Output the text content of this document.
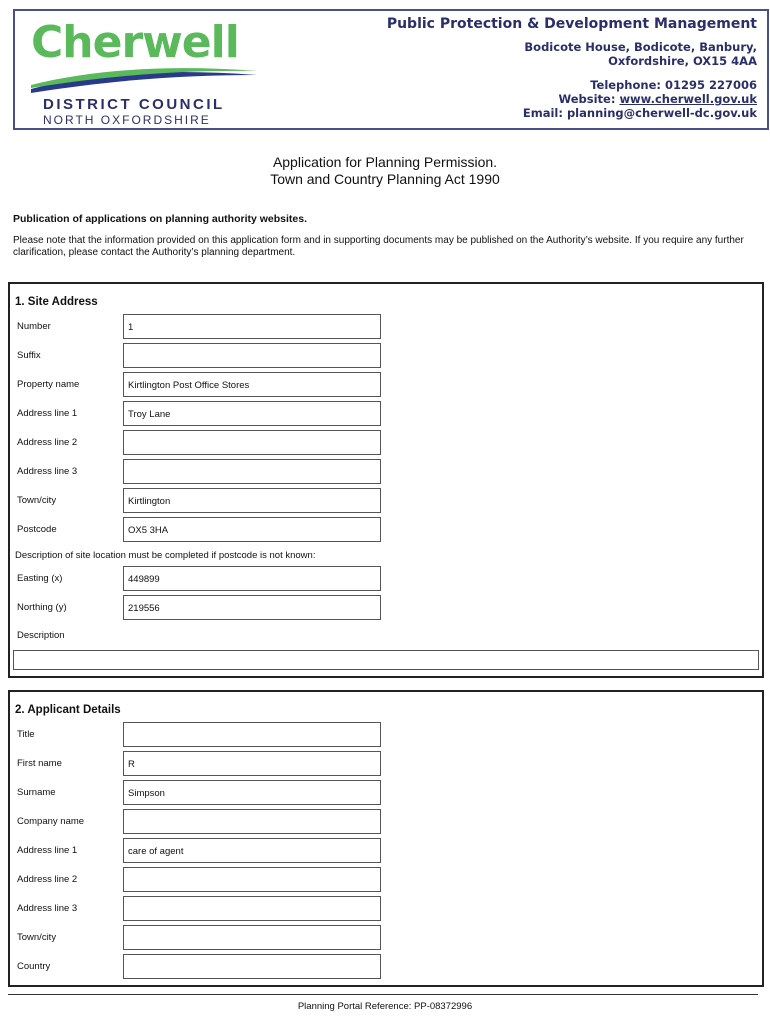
Cherwell
DISTRICT COUNCIL
NORTH OXFORDSHIRE
Public Protection & Development Management
Bodicote House, Bodicote, Banbury,
Oxfordshire, OX15 4AA
Telephone: 01295 227006
Website: www.cherwell.gov.uk
Email: planning@cherwell-dc.gov.uk
Application for Planning Permission.
Town and Country Planning Act 1990
Publication of applications on planning authority websites.
Please note that the information provided on this application form and in supporting documents may be published on the Authority’s website. If you require any further clarification, please contact the Authority’s planning department.
1. Site Address
Number	1
Suffix
Property name	Kirtlington Post Office Stores
Address line 1	Troy Lane
Address line 2
Address line 3
Town/city	Kirtlington
Postcode	OX5 3HA
Description of site location must be completed if postcode is not known:
Easting (x)	449899
Northing (y)	219556
Description
2. Applicant Details
Title
First name	R
Surname	Simpson
Company name
Address line 1	care of agent
Address line 2
Address line 3
Town/city
Country
Planning Portal Reference: PP-08372996
